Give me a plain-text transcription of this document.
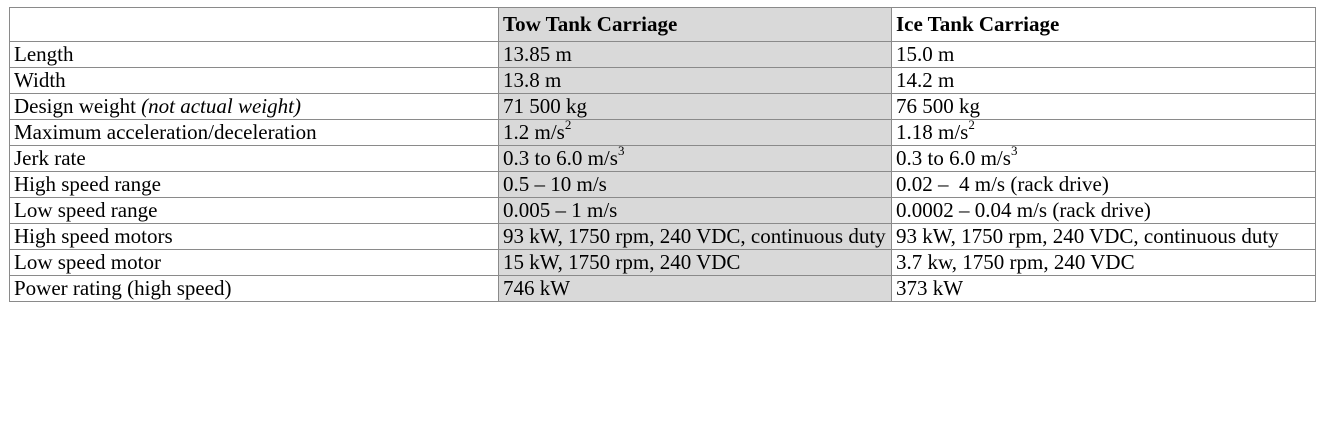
	Tow Tank Carriage	Ice Tank Carriage
Length	13.85 m	15.0 m
Width	13.8 m	14.2 m
Design weight (not actual weight)	71 500 kg	76 500 kg
Maximum acceleration/deceleration	1.2 $m/s^2$	1.18 $m/s^2$
Jerk rate	0.3 to 6.0 $m/s^3$	0.3 to 6.0 $m/s^3$
High speed range	0.5 – 10 m/s	0.02 –  4 m/s (rack drive)
Low speed range	0.005 – 1 m/s	0.0002 – 0.04 m/s (rack drive)
High speed motors	93 kW, 1750 rpm, 240 VDC, continuous duty	93 kW, 1750 rpm, 240 VDC, continuous duty
Low speed motor	15 kW, 1750 rpm, 240 VDC	3.7 kw, 1750 rpm, 240 VDC
Power rating (high speed)	746 kW	373 kW
